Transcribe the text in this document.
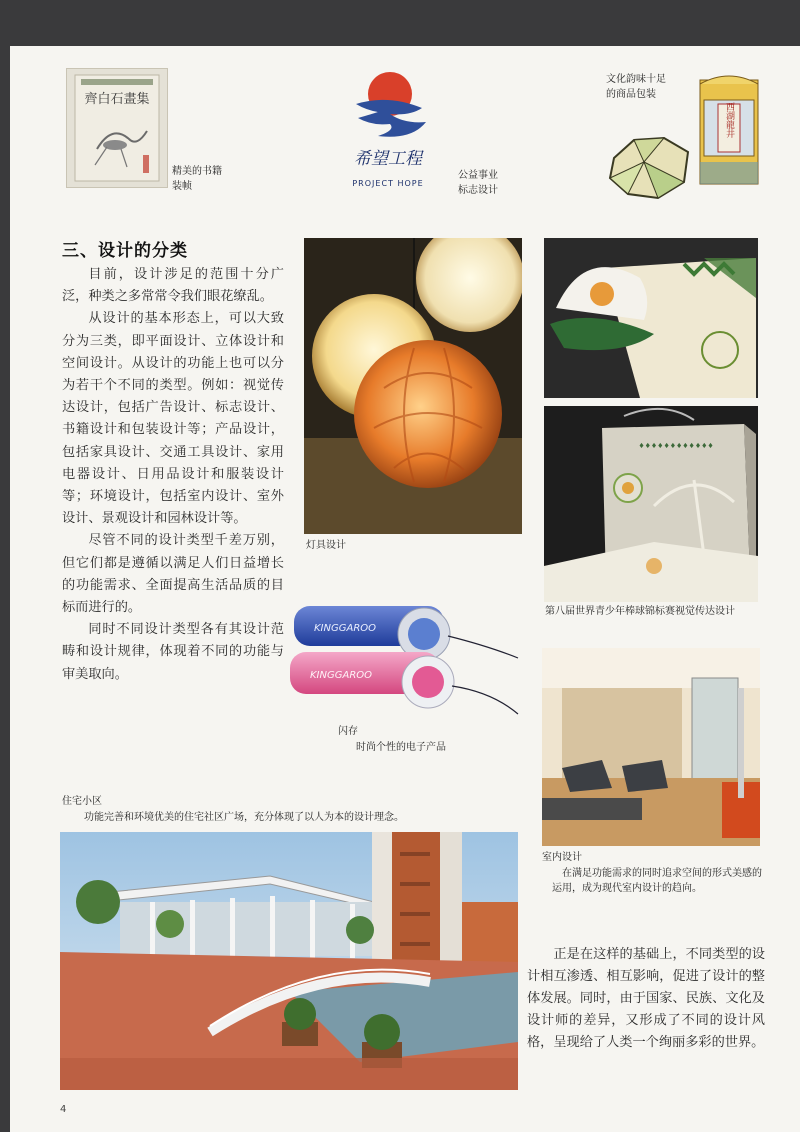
齊白石畫集
精美的书籍
装帧
希望工程
PROJECT HOPE
公益事业
标志设计
文化韵味十足
的商品包装
西湖龍井
三、设计的分类

目前，设计涉足的范围十分广泛，种类之多常常令我们眼花缭乱。

从设计的基本形态上，可以大致分为三类，即平面设计、立体设计和空间设计。从设计的功能上也可以分为若干个不同的类型。例如：视觉传达设计，包括广告设计、标志设计、书籍设计和包装设计等；产品设计，包括家具设计、交通工具设计、家用电器设计、日用品设计和服装设计等；环境设计，包括室内设计、室外设计、景观设计和园林设计等。

尽管不同的设计类型千差万别，但它们都是遵循以满足人们日益增长的功能需求、全面提高生活品质的目标而进行的。

同时不同设计类型各有其设计范畴和设计规律，体现着不同的功能与审美取向。

灯具设计
♦♦♦♦♦♦♦♦♦♦♦♦
第八届世界青少年棒球锦标赛视觉传达设计
KINGGAROO
KINGGAROO
闪存
时尚个性的电子产品
室内设计
在满足功能需求的同时追求空间的形式美感的运用，成为现代室内设计的趋向。
住宅小区
功能完善和环境优美的住宅社区广场，充分体现了以人为本的设计理念。

正是在这样的基础上，不同类型的设计相互渗透、相互影响，促进了设计的整体发展。同时，由于国家、民族、文化及设计师的差异，又形成了不同的设计风格，呈现给了人类一个绚丽多彩的世界。

4
